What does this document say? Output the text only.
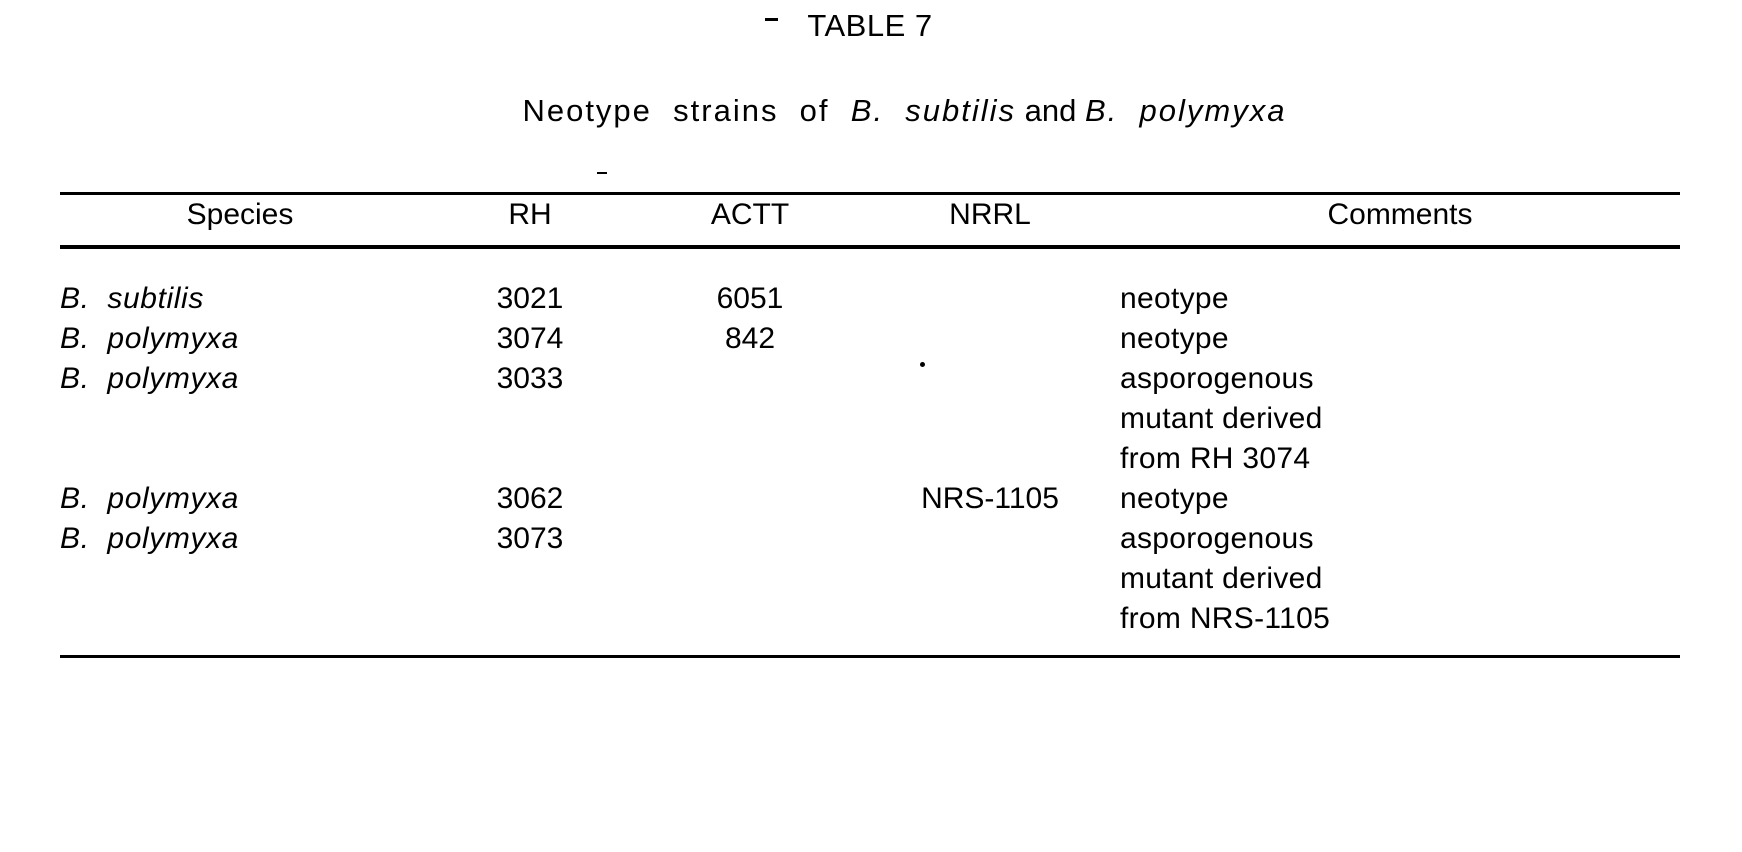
TABLE 7

Neotype  strains  of  B.  subtilis and B.  polymyxa

Species	RH	ACTT	NRRL	Comments
B.  subtilis	3021	6051		neotype
B.  polymyxa	3074	842		neotype
B.  polymyxa	3033			asporogenous
mutant derived
from RH 3074
B.  polymyxa	3062		NRS-1105	neotype
B.  polymyxa	3073			asporogenous
mutant derived
from NRS-1105
